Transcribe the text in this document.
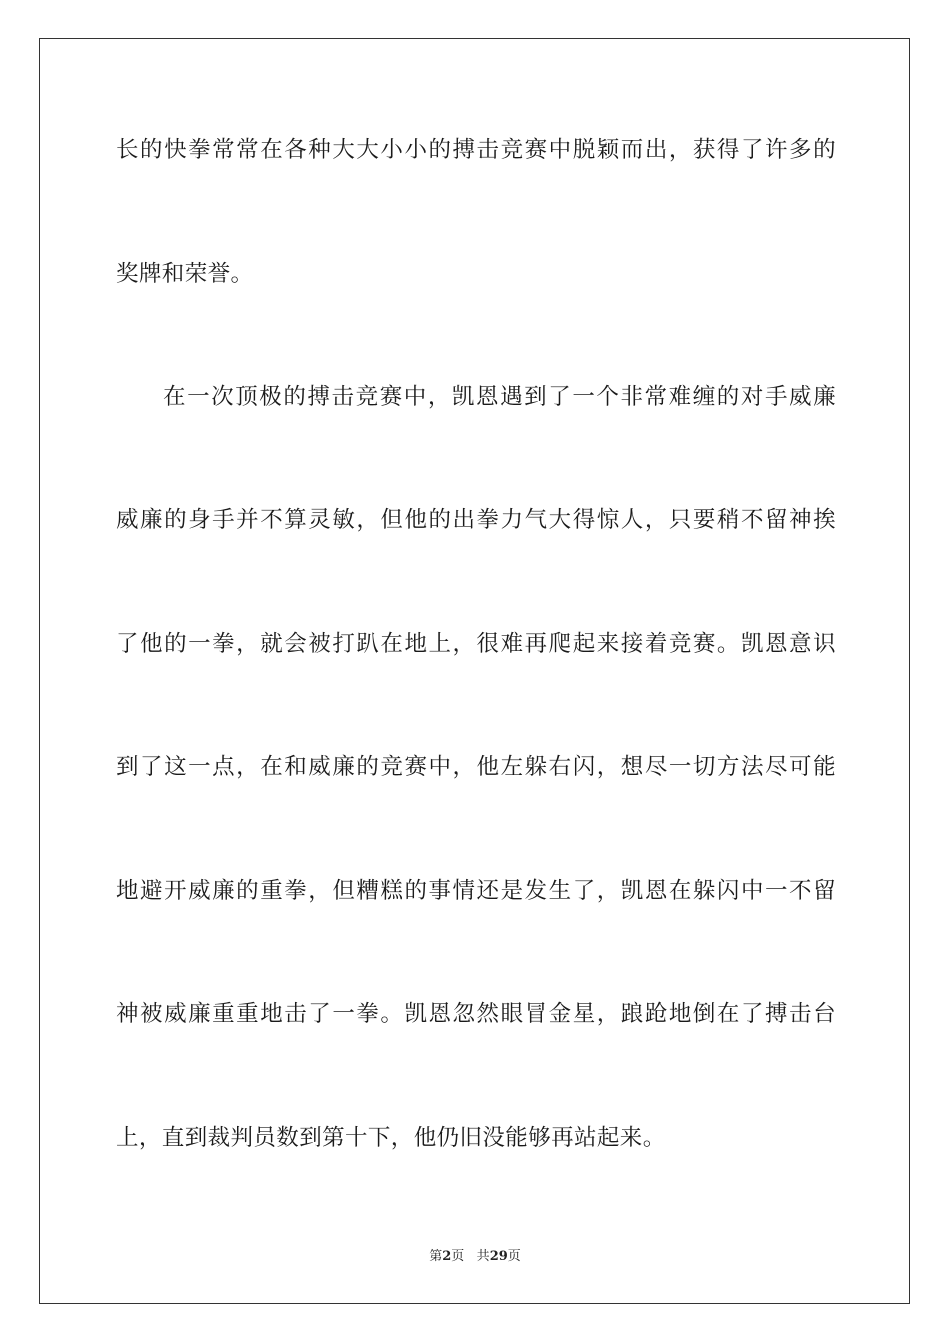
长的快拳常常在各种大大小小的搏击竞赛中脱颖而出，获得了许多的
奖牌和荣誉。
在一次顶极的搏击竞赛中，凯恩遇到了一个非常难缠的对手威廉
威廉的身手并不算灵敏，但他的出拳力气大得惊人，只要稍不留神挨
了他的一拳，就会被打趴在地上，很难再爬起来接着竞赛。凯恩意识
到了这一点，在和威廉的竞赛中，他左躲右闪，想尽一切方法尽可能
地避开威廉的重拳，但糟糕的事情还是发生了，凯恩在躲闪中一不留
神被威廉重重地击了一拳。凯恩忽然眼冒金星，踉跄地倒在了搏击台
上，直到裁判员数到第十下，他仍旧没能够再站起来。
第2页 共29页
